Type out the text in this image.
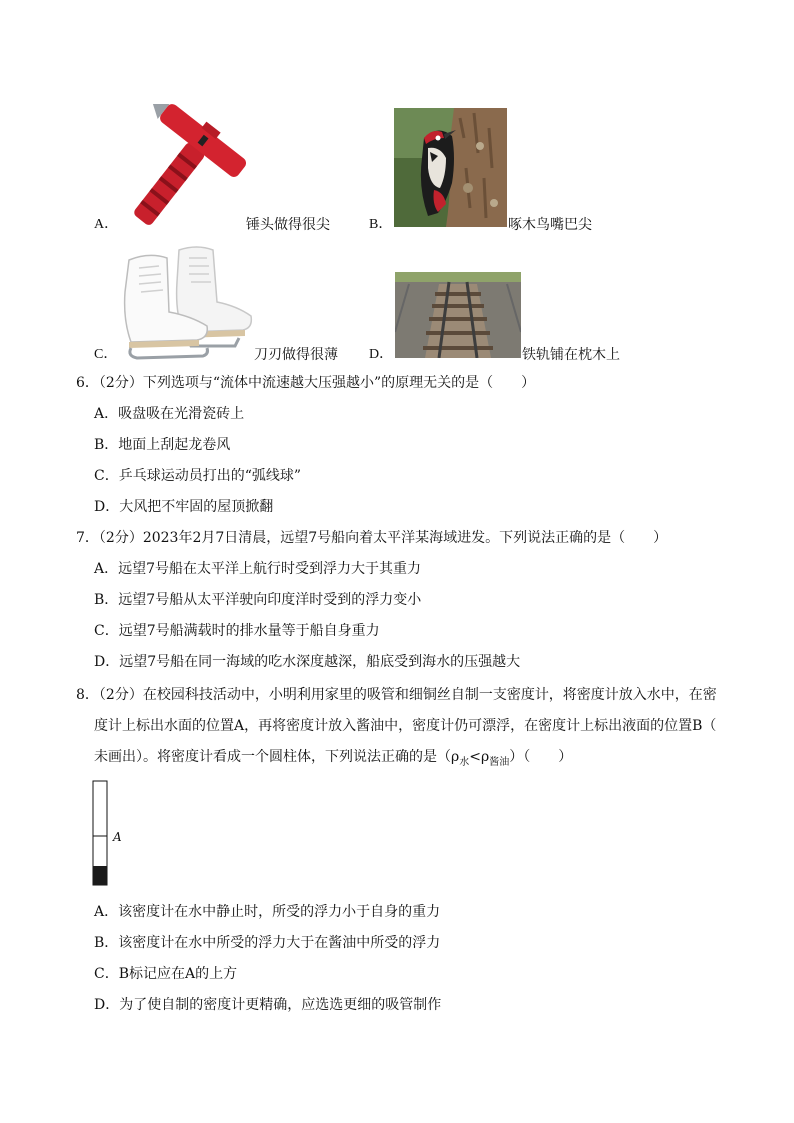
A．	锤头做得很尖	B．	啄木鸟嘴巴尖
C．	刀刃做得很薄 D．	铁轨铺在枕木上
6．（2分）下列选项与“流体中流速越大压强越小”的原理无关的是（　　）
A．吸盘吸在光滑瓷砖上
B．地面上刮起龙卷风
C．乒乓球运动员打出的“弧线球”
D．大风把不牢固的屋顶掀翻
7．（2分）2023年2月7日清晨，远望7号船向着太平洋某海域进发。下列说法正确的是（　　）
A．远望7号船在太平洋上航行时受到浮力大于其重力
B．远望7号船从太平洋驶向印度洋时受到的浮力变小
C．远望7号船满载时的排水量等于船自身重力
D．远望7号船在同一海域的吃水深度越深，船底受到海水的压强越大
8．（2分）在校园科技活动中，小明利用家里的吸管和细铜丝自制一支密度计，将密度计放入水中，在密
度计上标出水面的位置A，再将密度计放入酱油中，密度计仍可漂浮，在密度计上标出液面的位置B（
未画出）。将密度计看成一个圆柱体，下列说法正确的是$(\rho_水<\rho_{酱油})$（　　）
A
A．该密度计在水中静止时，所受的浮力小于自身的重力
B．该密度计在水中所受的浮力大于在酱油中所受的浮力
C．B标记应在A的上方
D．为了使自制的密度计更精确，应选选更细的吸管制作
